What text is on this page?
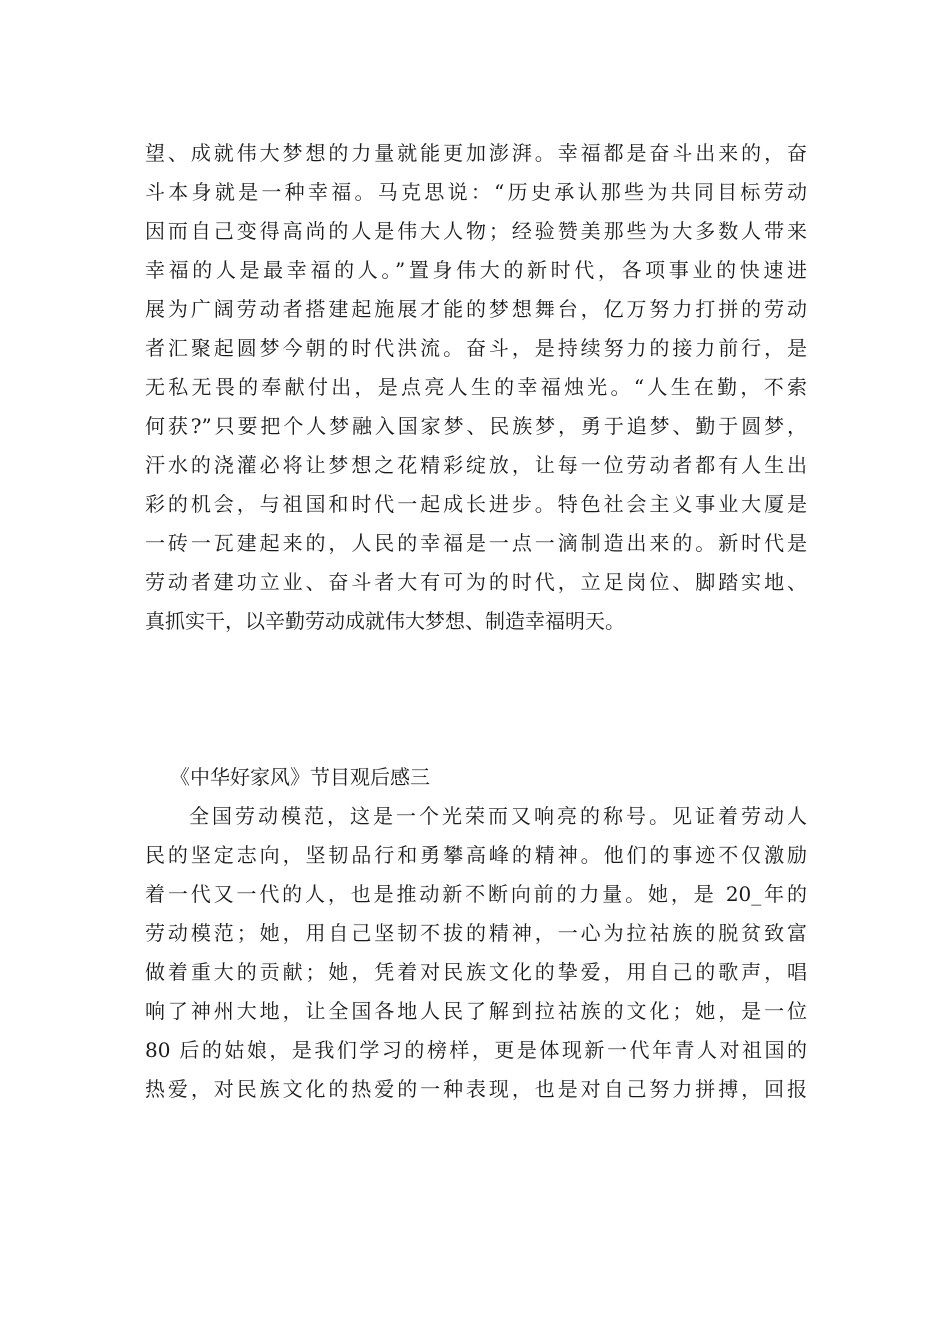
望、成就伟大梦想的力量就能更加澎湃。幸福都是奋斗出来的，奋
斗本身就是一种幸福。马克思说：“历史承认那些为共同目标劳动
因而自己变得高尚的人是伟大人物；经验赞美那些为大多数人带来
幸福的人是最幸福的人。”置身伟大的新时代，各项事业的快速进
展为广阔劳动者搭建起施展才能的梦想舞台，亿万努力打拼的劳动
者汇聚起圆梦今朝的时代洪流。奋斗，是持续努力的接力前行，是
无私无畏的奉献付出，是点亮人生的幸福烛光。“人生在勤，不索
何获?”只要把个人梦融入国家梦、民族梦，勇于追梦、勤于圆梦，
汗水的浇灌必将让梦想之花精彩绽放，让每一位劳动者都有人生出
彩的机会，与祖国和时代一起成长进步。特色社会主义事业大厦是
一砖一瓦建起来的，人民的幸福是一点一滴制造出来的。新时代是
劳动者建功立业、奋斗者大有可为的时代，立足岗位、脚踏实地、
真抓实干，以辛勤劳动成就伟大梦想、制造幸福明天。
《中华好家风》节目观后感三
全国劳动模范，这是一个光荣而又响亮的称号。见证着劳动人
民的坚定志向，坚韧品行和勇攀高峰的精神。他们的事迹不仅激励
着一代又一代的人，也是推动新不断向前的力量。她，是 20_年的
劳动模范；她，用自己坚韧不拔的精神，一心为拉祜族的脱贫致富
做着重大的贡献；她，凭着对民族文化的挚爱，用自己的歌声，唱
响了神州大地，让全国各地人民了解到拉祜族的文化；她，是一位
80 后的姑娘，是我们学习的榜样，更是体现新一代年青人对祖国的
热爱，对民族文化的热爱的一种表现，也是对自己努力拼搏，回报
